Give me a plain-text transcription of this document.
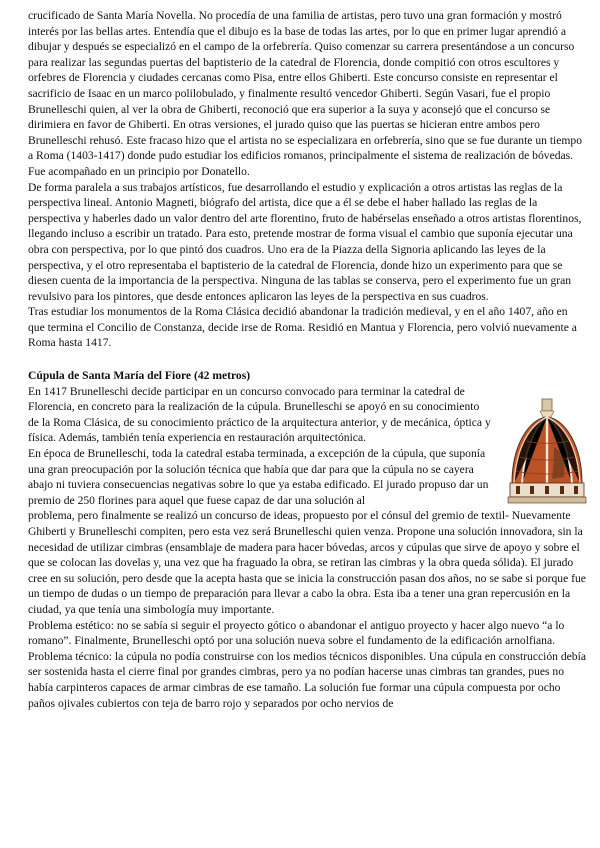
crucificado de Santa María Novella. No procedía de una familia de artistas, pero tuvo una gran formación y mostró interés por las bellas artes. Entendía que el dibujo es la base de todas las artes, por lo que en primer lugar aprendió a dibujar y después se especializó en el campo de la orfebrería. Quiso comenzar su carrera presentándose a un concurso para realizar las segundas puertas del baptisterio de la catedral de Florencia, donde compitió con otros escultores y orfebres de Florencia y ciudades cercanas como Pisa, entre ellos Ghiberti. Este concurso consiste en representar el sacrificio de Isaac en un marco polilobulado, y finalmente resultó vencedor Ghiberti. Según Vasari, fue el propio Brunelleschi quien, al ver la obra de Ghiberti, reconoció que era superior a la suya y aconsejó que el concurso se dirimiera en favor de Ghiberti. En otras versiones, el jurado quiso que las puertas se hicieran entre ambos pero Brunelleschi rehusó. Este fracaso hizo que el artista no se especializara en orfebrería, sino que se fue durante un tiempo a Roma (1403-1417) donde pudo estudiar los edificios romanos, principalmente el sistema de realización de bóvedas. Fue acompañado en un principio por Donatello.

De forma paralela a sus trabajos artísticos, fue desarrollando el estudio y explicación a otros artistas las reglas de la perspectiva lineal. Antonio Magneti, biógrafo del artista, dice que a él se debe el haber hallado las reglas de la perspectiva y haberles dado un valor dentro del arte florentino, fruto de habérselas enseñado a otros artistas florentinos, llegando incluso a escribir un tratado. Para esto, pretende mostrar de forma visual el cambio que suponía ejecutar una obra con perspectiva, por lo que pintó dos cuadros. Uno era de la Piazza della Signoria aplicando las leyes de la perspectiva, y el otro representaba el baptisterio de la catedral de Florencia, donde hizo un experimento para que se diesen cuenta de la importancia de la perspectiva. Ninguna de las tablas se conserva, pero el experimento fue un gran revulsivo para los pintores, que desde entonces aplicaron las leyes de la perspectiva en sus cuadros.

Tras estudiar los monumentos de la Roma Clásica decidió abandonar la tradición medieval, y en el año 1407, año en que termina el Concilio de Constanza, decide irse de Roma. Residió en Mantua y Florencia, pero volvió nuevamente a Roma hasta 1417.

Cúpula de Santa María del Fiore (42 metros)

En 1417 Brunelleschi decide participar en un concurso convocado para terminar la catedral de Florencia, en concreto para la realización de la cúpula. Brunelleschi se apoyó en su conocimiento de la Roma Clásica, de su conocimiento práctico de la arquitectura anterior, y de mecánica, óptica y física. Además, también tenía experiencia en restauración arquitectónica.

En época de Brunelleschi, toda la catedral estaba terminada, a excepción de la cúpula, que suponía una gran preocupación por la solución técnica que había que dar para que la cúpula no se cayera abajo ni tuviera consecuencias negativas sobre lo que ya estaba edificado. El jurado propuso dar un premio de 250 florines para aquel que fuese capaz de dar una solución al

problema, pero finalmente se realizó un concurso de ideas, propuesto por el cónsul del gremio de textil- Nuevamente Ghiberti y Brunelleschi compiten, pero esta vez será Brunelleschi quien venza. Propone una solución innovadora, sin la necesidad de utilizar cimbras (ensamblaje de madera para hacer bóvedas, arcos y cúpulas que sirve de apoyo y sobre el que se colocan las dovelas y, una vez que ha fraguado la obra, se retiran las cimbras y la obra queda sólida). El jurado cree en su solución, pero desde que la acepta hasta que se inicia la construcción pasan dos años, no se sabe si porque fue un tiempo de dudas o un tiempo de preparación para llevar a cabo la obra. Esta iba a tener una gran repercusión en la ciudad, ya que tenía una simbología muy importante.

Problema estético: no se sabía si seguir el proyecto gótico o abandonar el antiguo proyecto y hacer algo nuevo “a lo romano”. Finalmente, Brunelleschi optó por una solución nueva sobre el fundamento de la edificación arnolfiana.

Problema técnico: la cúpula no podía construirse con los medios técnicos disponibles. Una cúpula en construcción debía ser sostenida hasta el cierre final por grandes cimbras, pero ya no podían hacerse unas cimbras tan grandes, pues no había carpinteros capaces de armar cimbras de ese tamaño. La solución fue formar una cúpula compuesta por ocho paños ojivales cubiertos con teja de barro rojo y separados por ocho nervios de
